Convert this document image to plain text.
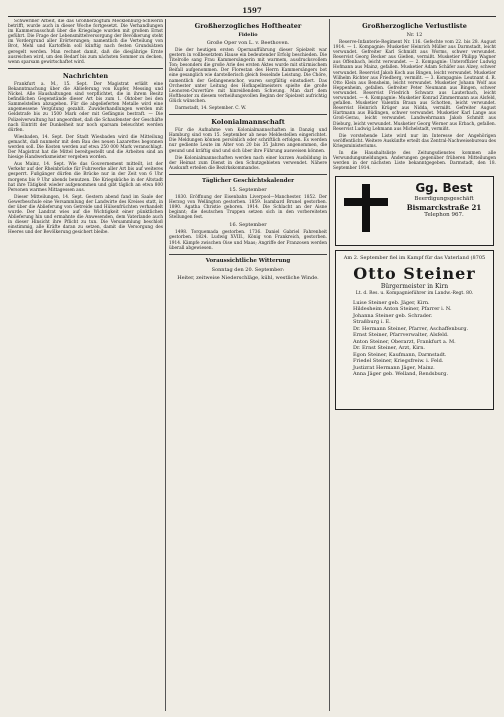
1597

Schweriner Arbeit, die das Großherzogtum Mecklenburg-Schwerin betrifft, wurde auch in dieser Woche fortgesetzt. Die Verhandlungen im Kammerausschuß über die Kriegslage wurden mit großem Ernst geführt. Die Frage der Lebensmittelversorgung der Bevölkerung steht im Vordergrund aller Erörterungen; namentlich die Verteilung von Brot, Mehl und Kartoffeln soll künftig nach festen Grundsätzen geregelt werden. Man rechnet damit, daß die diesjährige Ernte ausreichen wird, um den Bedarf bis zum nächsten Sommer zu decken, wenn sparsam gewirtschaftet wird.

Nachrichten

Frankfurt a. M., 15. Sept. Der Magistrat erläßt eine Bekanntmachung über die Ablieferung von Kupfer, Messing und Nickel. Alle Haushaltungen sind verpflichtet, die in ihrem Besitz befindlichen Gegenstände dieser Art bis zum 1. Oktober bei den Sammelstellen abzugeben. Für die abgelieferten Metalle wird eine angemessene Vergütung gezahlt. Zuwiderhandlungen werden mit Geldstrafe bis zu 1500 Mark oder mit Gefängnis bestraft. — Die Polizeiverwaltung hat angeordnet, daß die Schaufenster der Geschäfte nach Eintritt der Dunkelheit nur noch sparsam beleuchtet werden dürfen.

Wiesbaden, 14. Sept. Der Stadt Wiesbaden wird die Mitteilung gemacht, daß nunmehr mit dem Bau des neuen Lazarettes begonnen werden soll. Die Kosten werden auf etwa 250 000 Mark veranschlagt. Der Magistrat hat die Mittel bereitgestellt und die Arbeiten sind an hiesige Handwerksmeister vergeben worden.

Aus Mainz, 14. Sept. Wie das Gouvernement mitteilt, ist der Verkehr auf der Rheinbrücke für Fuhrwerke aller Art bis auf weiteres gesperrt. Fußgänger dürfen die Brücke nur in der Zeit von 6 Uhr morgens bis 9 Uhr abends benutzen. Die Kriegsküche in der Altstadt hat ihre Tätigkeit wieder aufgenommen und gibt täglich an etwa 800 Personen warmes Mittagessen aus.

Dieser Mitteilungen, 14. Sept. Gestern abend fand im Saale der Gewerbeschule eine Versammlung der Landwirte des Kreises statt, in der über die Ablieferung von Getreide und Hülsenfrüchten verhandelt wurde. Der Landrat wies auf die Wichtigkeit einer pünktlichen Ablieferung hin und ermahnte die Anwesenden, dem Vaterlande auch in dieser Hinsicht ihre Pflicht zu tun. Die Versammlung beschloß einstimmig, alle Kräfte daran zu setzen, damit die Versorgung des Heeres und der Bevölkerung gesichert bleibe.

Großherzogliches Hoftheater
Fidelio
Große Oper von L. v. Beethoven.

Die der heutigen ersten Opernaufführung dieser Spielzeit war gestern in vollbesetztem Hause ein bedeutender Erfolg beschieden. Die Titelrolle sang Frau Kammersängerin mit warmem, ausdrucksvollem Ton; besonders die große Arie des ersten Aktes wurde mit stürmischem Beifall aufgenommen. Der Florestan des Herrn Kammersängers bot eine gesanglich wie darstellerisch gleich fesselnde Leistung. Die Chöre, namentlich der Gefangenenchor, waren sorgfältig einstudiert. Das Orchester unter Leitung des Hofkapellmeisters spielte die große Leonoren-Ouvertüre mit hinreißendem Schwung. Man darf dem Hoftheater zu diesem verheißungsvollen Beginn der Spielzeit aufrichtig Glück wünschen.

Darmstadt, 14. September. C. W.

Kolonialmannschaft

Für die Aufnahme von Kolonialmannschaften in Danzig und Hamburg sind vom 15. September ab neue Meldestellen eingerichtet. Die Meldungen können persönlich oder schriftlich erfolgen. Es werden nur gediente Leute im Alter von 20 bis 35 Jahren angenommen, die gesund und kräftig sind und sich über ihre Führung ausweisen können.

Die Kolonialmannschaften werden nach einer kurzen Ausbildung in der Heimat zum Dienst in den Schutzgebieten verwendet. Nähere Auskunft erteilen die Bezirkskommandos.

Täglicher Geschichtskalender
15. September

1830. Eröffnung der Eisenbahn Liverpool—Manchester. 1852. Der Herzog von Wellington gestorben. 1859. Isambard Brunel gestorben. 1890. Agatha Christie geboren. 1914. Die Schlacht an der Aisne beginnt; die deutschen Truppen setzen sich in den vorbereiteten Stellungen fest.

16. September

1498. Torquemada gestorben. 1736. Daniel Gabriel Fahrenheit gestorben. 1824. Ludwig XVIII., König von Frankreich, gestorben. 1914. Kämpfe zwischen Oise und Maas; Angriffe der Franzosen werden überall abgewiesen.

Voraussichtliche Witterung
Sonntag den 20. September:
Heiter, zeitweise Niederschläge, kühl, westliche Winde.
Großherzogliche Verlustliste
Nr. 12

Reserve-Infanterie-Regiment Nr. 116. Gefechte vom 22. bis 28. August 1914. — 1. Kompagnie: Musketier Heinrich Müller aus Darmstadt, leicht verwundet. Gefreiter Karl Schmidt aus Worms, schwer verwundet. Reservist Georg Becker aus Gießen, vermißt. Musketier Philipp Wagner aus Offenbach, leicht verwundet. — 2. Kompagnie: Unteroffizier Ludwig Hofmann aus Mainz, gefallen. Musketier Adam Schäfer aus Alzey, schwer verwundet. Reservist Jakob Koch aus Bingen, leicht verwundet. Musketier Wilhelm Richter aus Friedberg, vermißt. — 3. Kompagnie: Leutnant d. R. Otto Klein aus Bensheim, leicht verwundet. Musketier Johann Wolf aus Heppenheim, gefallen. Gefreiter Peter Neumann aus Bingen, schwer verwundet. Reservist Friedrich Schwarz aus Lauterbach, leicht verwundet. — 4. Kompagnie: Musketier Konrad Zimmermann aus Alsfeld, gefallen. Musketier Valentin Braun aus Schotten, leicht verwundet. Reservist Heinrich Krüger aus Nidda, vermißt. Gefreiter August Hartmann aus Büdingen, schwer verwundet. Musketier Karl Lange aus Groß-Gerau, leicht verwundet. Landwehrmann Jakob Schmitt aus Dieburg, leicht verwundet. Musketier Georg Werner aus Erbach, gefallen. Reservist Ludwig Lehmann aus Michelstadt, vermißt.

Die vorstehende Liste wird nur im Interesse der Angehörigen veröffentlicht. Weitere Auskünfte erteilt das Zentral-Nachweisebureau des Kriegsministeriums.

In die Haushaltsliste des Zeitungsdienstes kommen alle Verwundungsmeldungen. Änderungen gegenüber früheren Mitteilungen werden in der nächsten Liste bekanntgegeben. Darmstadt, den 18. September 1914.

Gg. Best
Beerdigungsgeschäft
Bismarckstraße 21
Telephon 967.
Am 2. September fiel im Kampf für das Vaterland (8705
Otto Steiner
Bürgermeister in Kirn
Lt. d. Res. u. Kompagnieführer im Landw.-Regt. 80.
Luise Steiner geb. Jäger, Kirn.
Hildesheim Anton Steiner, Pfarrer i. N.
Johanna Steiner geb. Schrader.
Straßburg i. E.
Dr. Hermann Steiner, Pfarrer, Aschaffenburg.
Ernst Steiner, Pfarrverwalter, Alsfeld.
Anton Steiner, Oberarzt, Frankfurt a. M.
Dr. Ernst Steiner, Arzt, Kirn.
Egon Steiner, Kaufmann, Darmstadt.
Friedel Steiner, Kriegsfreiw. i. Feld.
Justizrat Hermann Jäger, Mainz.
Anna Jäger geb. Welland, Rendsburg.
